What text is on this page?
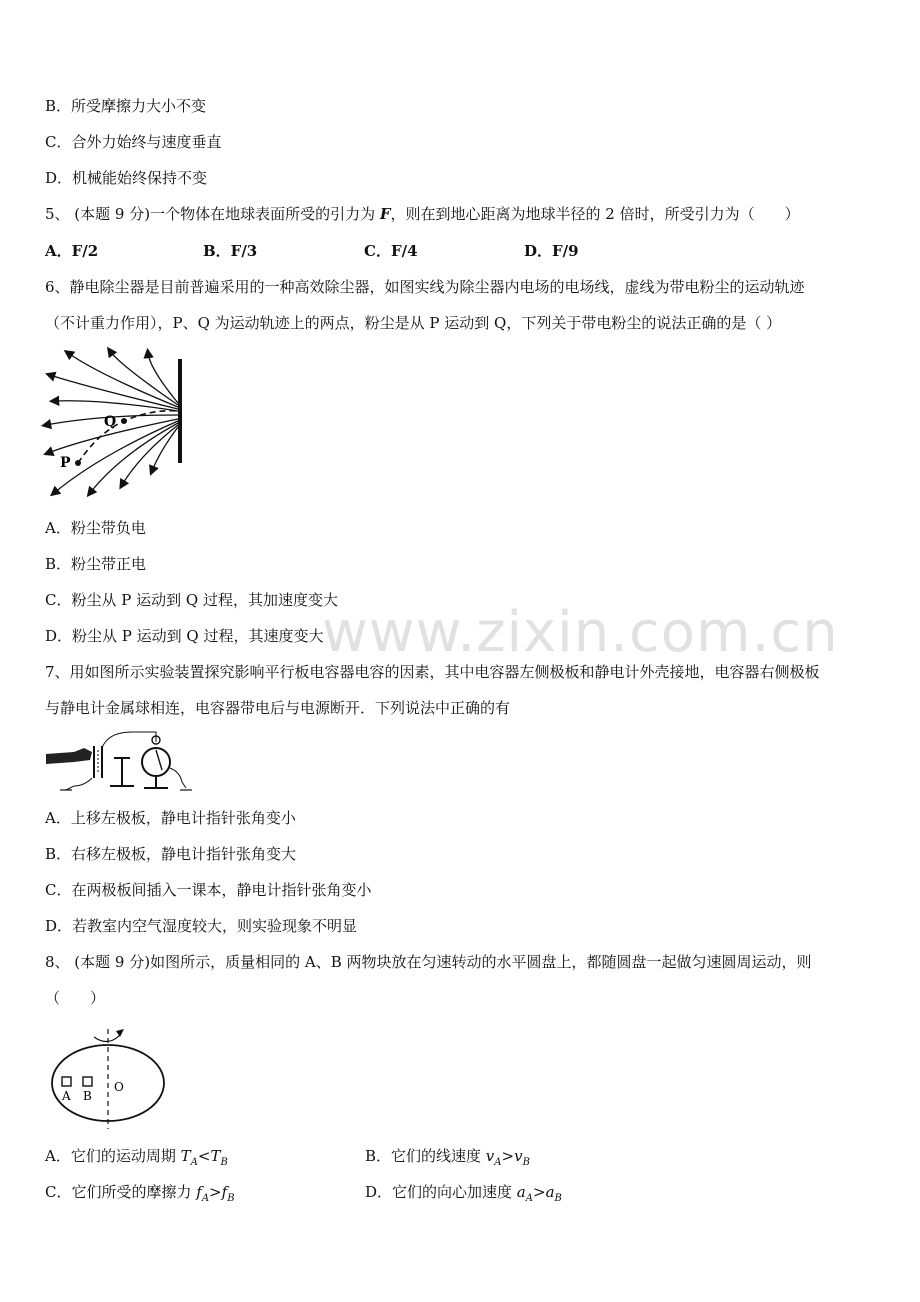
B．所受摩擦力大小不变
C．合外力始终与速度垂直
D．机械能始终保持不变
5、 (本题 9 分)一个物体在地球表面所受的引力为 F，则在到地心距离为地球半径的 2 倍时，所受引力为（　　）
A．F/2	B．F/3	C．F/4	D．F/9
6、静电除尘器是目前普遍采用的一种高效除尘器，如图实线为除尘器内电场的电场线，虚线为带电粉尘的运动轨迹
（不计重力作用），P、Q 为运动轨迹上的两点，粉尘是从 P 运动到 Q，下列关于带电粉尘的说法正确的是（ ）
Q
P
A．粉尘带负电
B．粉尘带正电
C．粉尘从 P 运动到 Q 过程，其加速度变大
D．粉尘从 P 运动到 Q 过程，其速度变大
www.zixin.com.cn
7、用如图所示实验装置探究影响平行板电容器电容的因素，其中电容器左侧极板和静电计外壳接地，电容器右侧极板
与静电计金属球相连，电容器带电后与电源断开．下列说法中正确的有
A．上移左极板，静电计指针张角变小
B．右移左极板，静电计指针张角变大
C．在两极板间插入一课本，静电计指针张角变小
D．若教室内空气湿度较大，则实验现象不明显
8、 (本题 9 分)如图所示，质量相同的 A、B 两物块放在匀速转动的水平圆盘上，都随圆盘一起做匀速圆周运动，则
（　　）
A B
O
A．它们的运动周期 $T_A<T_B$	B．它们的线速度 $v_A>v_B$
C．它们所受的摩擦力 $f_A>f_B$	D．它们的向心加速度 $a_A>a_B$
